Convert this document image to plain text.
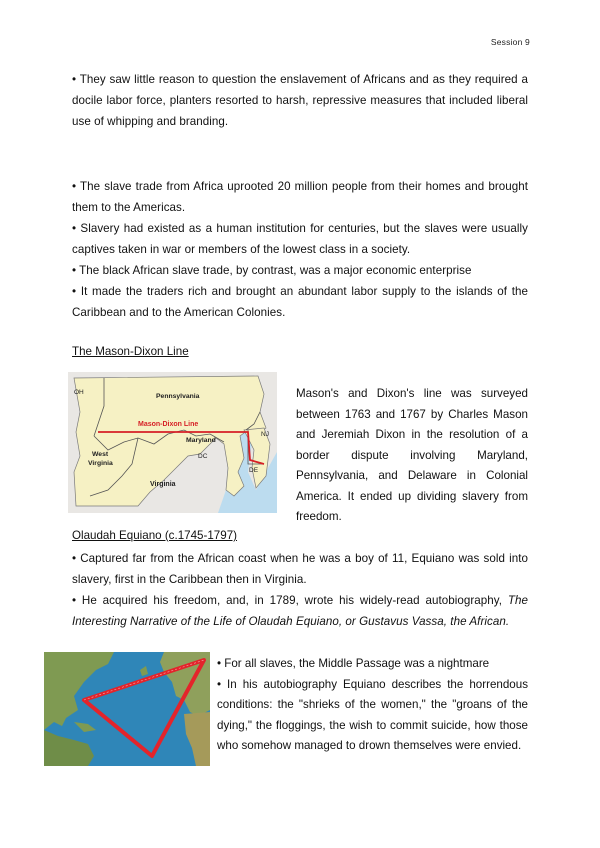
Session 9
• They saw little reason to question the enslavement of Africans and as they required a docile labor force, planters resorted to harsh, repressive measures that included liberal use of whipping and branding.
• The slave trade from Africa uprooted 20 million people from their homes and brought them to the Americas.
• Slavery had existed as a human institution for centuries, but the slaves were usually captives taken in war or members of the lowest class in a society.
• The black African slave trade, by contrast, was a major economic enterprise
• It made the traders rich and brought an abundant labor supply to the islands of the Caribbean and to the American Colonies.
The Mason-Dixon Line
OH
Pennsylvania
Mason-Dixon Line
NJ
Maryland
West
Virginia
DC
DE
Virginia
Mason's and Dixon's line was surveyed between 1763 and 1767 by Charles Mason and Jeremiah Dixon in the resolution of a border dispute involving Maryland, Pennsylvania, and Delaware in Colonial America. It ended up dividing slavery from freedom.
Olaudah Equiano (c.1745-1797)
• Captured far from the African coast when he was a boy of 11, Equiano was sold into slavery, first in the Caribbean then in Virginia.
• He acquired his freedom, and, in 1789, wrote his widely-read autobiography, The Interesting Narrative of the Life of Olaudah Equiano, or Gustavus Vassa, the African.
• For all slaves, the Middle Passage was a nightmare
• In his autobiography Equiano describes the horrendous conditions: the "shrieks of the women," the "groans of the dying," the floggings, the wish to commit suicide, how those who somehow managed to drown themselves were envied.
